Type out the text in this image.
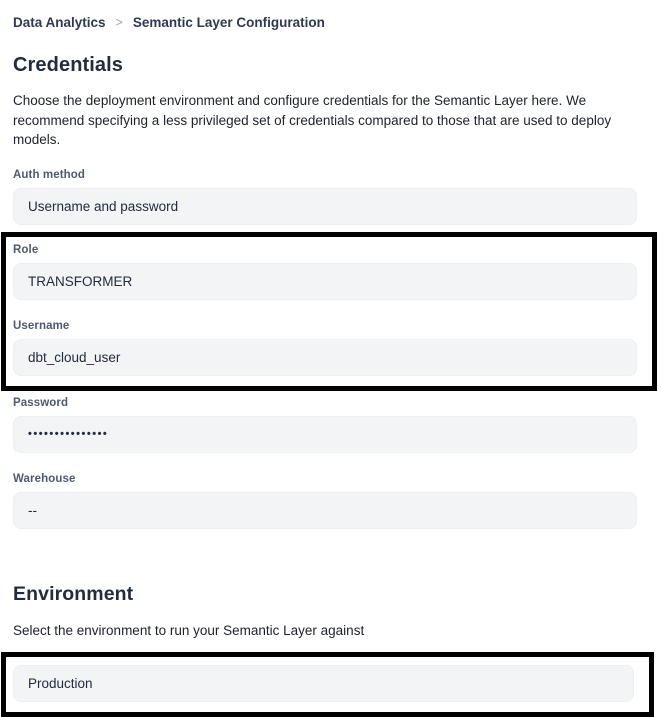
Data Analytics > Semantic Layer Configuration
Credentials

Choose the deployment environment and configure credentials for the Semantic Layer here. We recommend specifying a less privileged set of credentials compared to those that are used to deploy models.

Auth method
Username and password
Role
TRANSFORMER
Username
dbt_cloud_user
Password
•••••••••••••••
Warehouse
--
Environment

Select the environment to run your Semantic Layer against

Production
